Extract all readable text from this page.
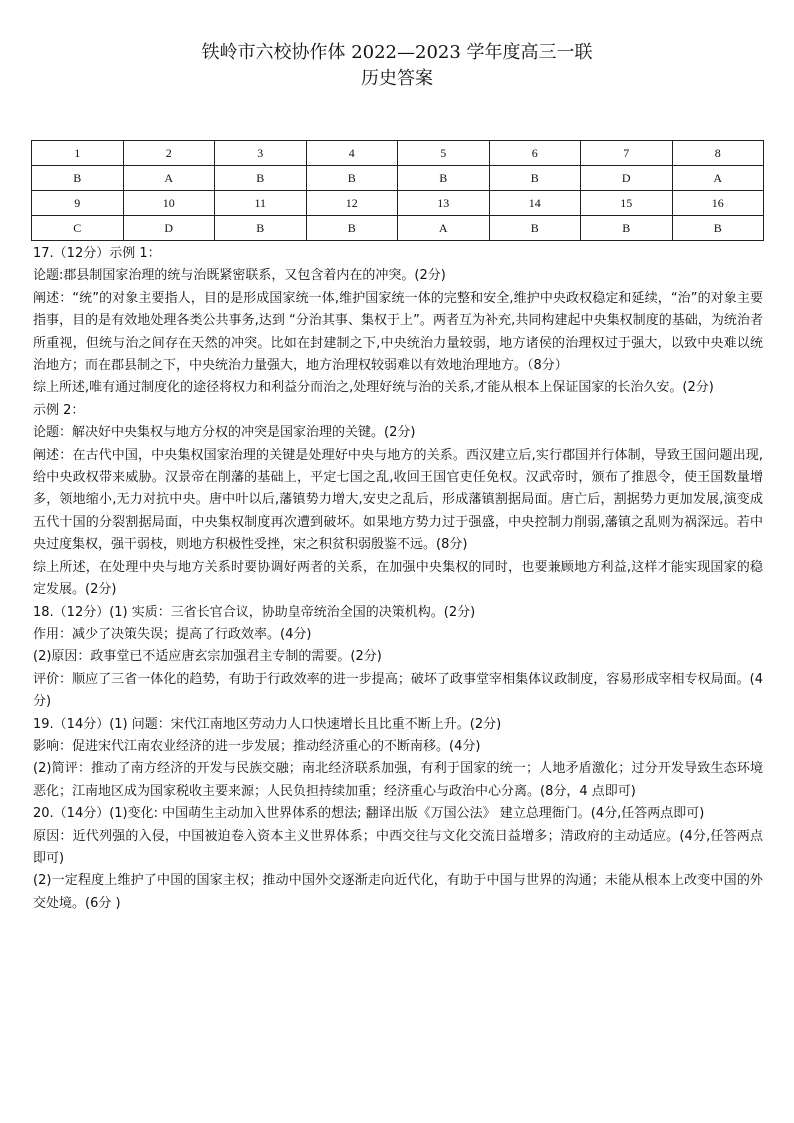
铁岭市六校协作体 2022—2023 学年度高三一联
历史答案
1	2	3	4	5	6	7	8
B	A	B	B	B	B	D	A
9	10	11	12	13	14	15	16
C	D	B	B	A	B	B	B

17.（12分）示例 1：

论题:郡县制国家治理的统与治既紧密联系，又包含着内在的冲突。(2分)

阐述：“统”的对象主要指人，目的是形成国家统一体,维护国家统一体的完整和安全,维护中央政权稳定和延续，“治”的对象主要指事，目的是有效地处理各类公共事务,达到 “分治其事、集权于上”。两者互为补充,共同构建起中央集权制度的基础，为统治者所重视，但统与治之间存在天然的冲突。比如在封建制之下,中央统治力量较弱，地方诸侯的治理权过于强大，以致中央难以统治地方；而在郡县制之下，中央统治力量强大，地方治理权较弱难以有效地治理地方。（8分）

综上所述,唯有通过制度化的途径将权力和利益分而治之,处理好统与治的关系,才能从根本上保证国家的长治久安。(2分)

示例 2：

论题：解决好中央集权与地方分权的冲突是国家治理的关键。(2分)

阐述：在古代中国，中央集权国家治理的关键是处理好中央与地方的关系。西汉建立后,实行郡国并行体制，导致王国问题出现,给中央政权带来威胁。汉景帝在削藩的基础上，平定七国之乱,收回王国官吏任免权。汉武帝时，颁布了推恩令，使王国数量增多，领地缩小,无力对抗中央。唐中叶以后,藩镇势力增大,安史之乱后，形成藩镇割据局面。唐亡后，割据势力更加发展,演变成五代十国的分裂割据局面，中央集权制度再次遭到破坏。如果地方势力过于强盛，中央控制力削弱,藩镇之乱则为祸深远。若中央过度集权，强干弱枝，则地方积极性受挫，宋之积贫积弱殷鉴不远。(8分)

综上所述，在处理中央与地方关系时要协调好两者的关系，在加强中央集权的同时，也要兼顾地方利益,这样才能实现国家的稳定发展。(2分)

18.（12分）(1) 实质：三省长官合议，协助皇帝统治全国的决策机构。(2分)

作用：减少了决策失误；提高了行政效率。(4分)

(2)原因：政事堂已不适应唐玄宗加强君主专制的需要。(2分)

评价：顺应了三省一体化的趋势，有助于行政效率的进一步提高；破坏了政事堂宰相集体议政制度，容易形成宰相专权局面。(4分)

19.（14分）(1) 问题：宋代江南地区劳动力人口快速增长且比重不断上升。(2分)

影响：促进宋代江南农业经济的进一步发展；推动经济重心的不断南移。(4分)

(2)简评：推动了南方经济的开发与民族交融；南北经济联系加强，有利于国家的统一；人地矛盾激化；过分开发导致生态环境恶化；江南地区成为国家税收主要来源；人民负担持续加重；经济重心与政治中心分离。(8分，4 点即可)

20.（14分）(1)变化: 中国萌生主动加入世界体系的想法; 翻译出版《万国公法》 建立总理衙门。(4分,任答两点即可)

原因：近代列强的入侵，中国被迫卷入资本主义世界体系；中西交往与文化交流日益增多；清政府的主动适应。(4分,任答两点即可)

(2)一定程度上维护了中国的国家主权；推动中国外交逐渐走向近代化，有助于中国与世界的沟通；未能从根本上改变中国的外交处境。(6分 )
